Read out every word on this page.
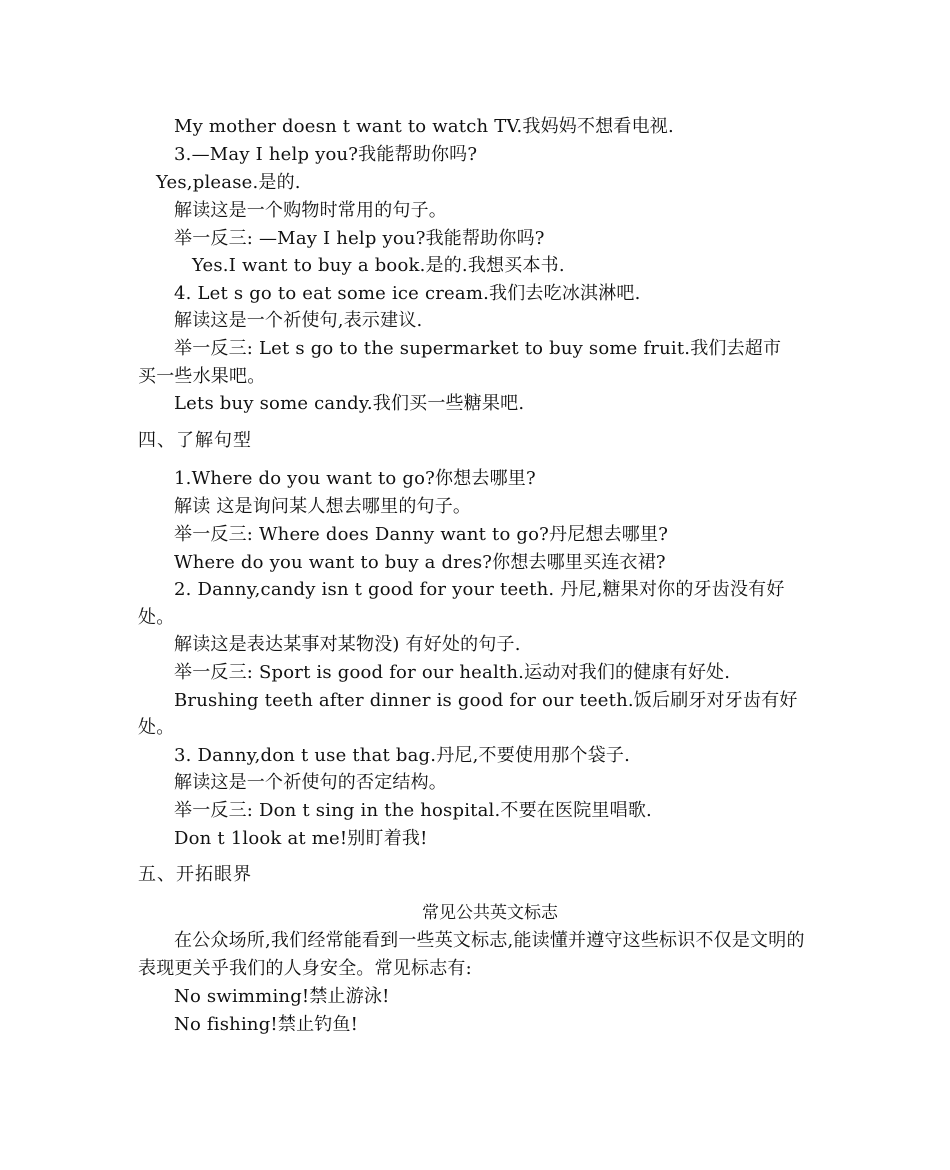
My mother doesn t want to watch TV.我妈妈不想看电视.
3.—May I help you?我能帮助你吗?
Yes,please.是的.
解读这是一个购物时常用的句子。
举一反三: —May I help you?我能帮助你吗?
Yes.I want to buy a book.是的.我想买本书.
4. Let s go to eat some ice cream.我们去吃冰淇淋吧.
解读这是一个祈使句,表示建议.
举一反三: Let s go to the supermarket to buy some fruit.我们去超市
买一些水果吧。
Lets buy some candy.我们买一些糖果吧.
四、了解句型
1.Where do you want to go?你想去哪里?
解读 这是询问某人想去哪里的句子。
举一反三: Where does Danny want to go?丹尼想去哪里?
Where do you want to buy a dres?你想去哪里买连衣裙?
2. Danny,candy isn t good for your teeth. 丹尼,糖果对你的牙齿没有好
处。
解读这是表达某事对某物没) 有好处的句子.
举一反三: Sport is good for our health.运动对我们的健康有好处.
Brushing teeth after dinner is good for our teeth.饭后刷牙对牙齿有好
处。
3. Danny,don t use that bag.丹尼,不要使用那个袋子.
解读这是一个祈使句的否定结构。
举一反三: Don t sing in the hospital.不要在医院里唱歌.
Don t 1look at me!别盯着我!
五、开拓眼界
常见公共英文标志
在公众场所,我们经常能看到一些英文标志,能读懂并遵守这些标识不仅是文明的
表现更关乎我们的人身安全。常见标志有:
No swimming!禁止游泳!
No fishing!禁止钓鱼!
